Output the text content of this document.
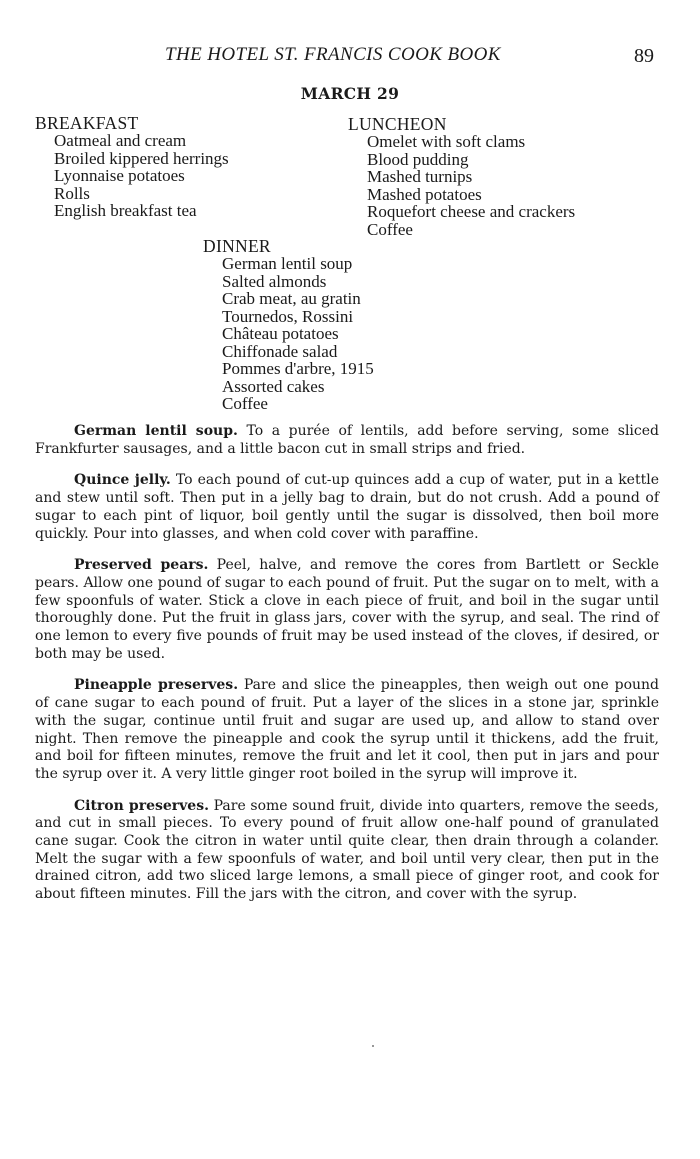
THE HOTEL ST. FRANCIS COOK BOOK	89
MARCH 29
BREAKFAST
Oatmeal and cream
Broiled kippered herrings
Lyonnaise potatoes
Rolls
English breakfast tea
LUNCHEON
Omelet with soft clams
Blood pudding
Mashed turnips
Mashed potatoes
Roquefort cheese and crackers
Coffee
DINNER
German lentil soup
Salted almonds
Crab meat, au gratin
Tournedos, Rossini
Château potatoes
Chiffonade salad
Pommes d'arbre, 1915
Assorted cakes
Coffee

German lentil soup. To a purée of lentils, add before serving, some sliced Frankfurter sausages, and a little bacon cut in small strips and fried.

Quince jelly. To each pound of cut-up quinces add a cup of water, put in a kettle and stew until soft. Then put in a jelly bag to drain, but do not crush. Add a pound of sugar to each pint of liquor, boil gently until the sugar is dissolved, then boil more quickly. Pour into glasses, and when cold cover with paraffine.

Preserved pears. Peel, halve, and remove the cores from Bartlett or Seckle pears. Allow one pound of sugar to each pound of fruit. Put the sugar on to melt, with a few spoonfuls of water. Stick a clove in each piece of fruit, and boil in the sugar until thoroughly done. Put the fruit in glass jars, cover with the syrup, and seal. The rind of one lemon to every five pounds of fruit may be used instead of the cloves, if desired, or both may be used.

Pineapple preserves. Pare and slice the pineapples, then weigh out one pound of cane sugar to each pound of fruit. Put a layer of the slices in a stone jar, sprinkle with the sugar, continue until fruit and sugar are used up, and allow to stand over night. Then remove the pineapple and cook the syrup until it thickens, add the fruit, and boil for fifteen minutes, remove the fruit and let it cool, then put in jars and pour the syrup over it. A very little ginger root boiled in the syrup will improve it.

Citron preserves. Pare some sound fruit, divide into quarters, remove the seeds, and cut in small pieces. To every pound of fruit allow one-half pound of granulated cane sugar. Cook the citron in water until quite clear, then drain through a colander. Melt the sugar with a few spoonfuls of water, and boil until very clear, then put in the drained citron, add two sliced large lemons, a small piece of ginger root, and cook for about fifteen minutes. Fill the jars with the citron, and cover with the syrup.
